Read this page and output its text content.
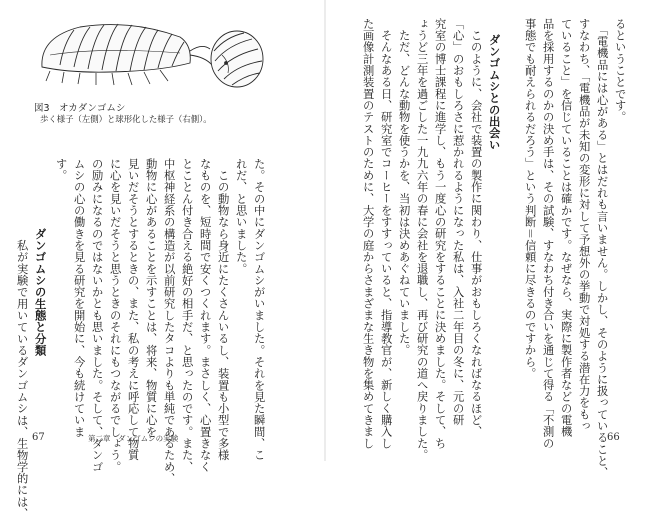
図3　オカダンゴムシ
歩く様子（左側）と球形化した様子（右側）。
た。その中にダンゴムシがいました。それを見た瞬間、こ
れだ、と思いました。
　この動物なら身近にたくさんいるし、装置も小型で多様
なものを、短時間で安くつくれます。まさしく、心置きなく
とことん付き合える絶好の相手だ、と思ったのです。また、
中枢神経系の構造が以前研究したタコよりも単純であるため、
動物に心があることを示すことは、将来、物質に心を
見いだそうとするときの、また、私の考えに呼応して物質
に心を見いだそうと思うときのそれにもつながるでしょう。
の励みになるのではないかとも思いました。そして、ダンゴ
ムシの心の働きを見る研究を開始に、今も続けていま
す。
ダンゴムシの生態と分類
　私が実験で用いているダンゴムシは、生物学的には、 67	第二章　ダンゴムシの実験
るということです。
　「電機品には心がある」とはだれも言いません。しかし、そのように扱っていること、
すなわち、「電機品が未知の変形に対して予想外の挙動で対処する潜在力をもっ
ていること」を信じていることは確かです。なぜなら、実際に製作者などの電機
品を採用するのかの決め手は、その試験、すなわち付き合いを通じて得る「不測の
事態でも耐えられるだろう」という判断＝信頼に尽きるのですから。
ダンゴムシとの出会い
　このように、会社で装置の製作に関わり、仕事がおもしろくなればなるほど、
「心」のおもしろさに惹かれるようになった私は、入社二年目の冬に、元の研
究室の博士課程に進学し、もう一度心の研究をすることに決めました。そして、ち
ょうど三年を過ごした一九九六年の春に会社を退職し、再び研究の道へ戻りました。
　ただ、どんな動物を使うかを、当初は決めあぐねていました。
　そんなある日、研究室でコーヒーをすすっていると、指導教官が、新しく購入し
た画像計測装置のテストのために、大学の庭からさまざまな生き物を集めてきまし	66
